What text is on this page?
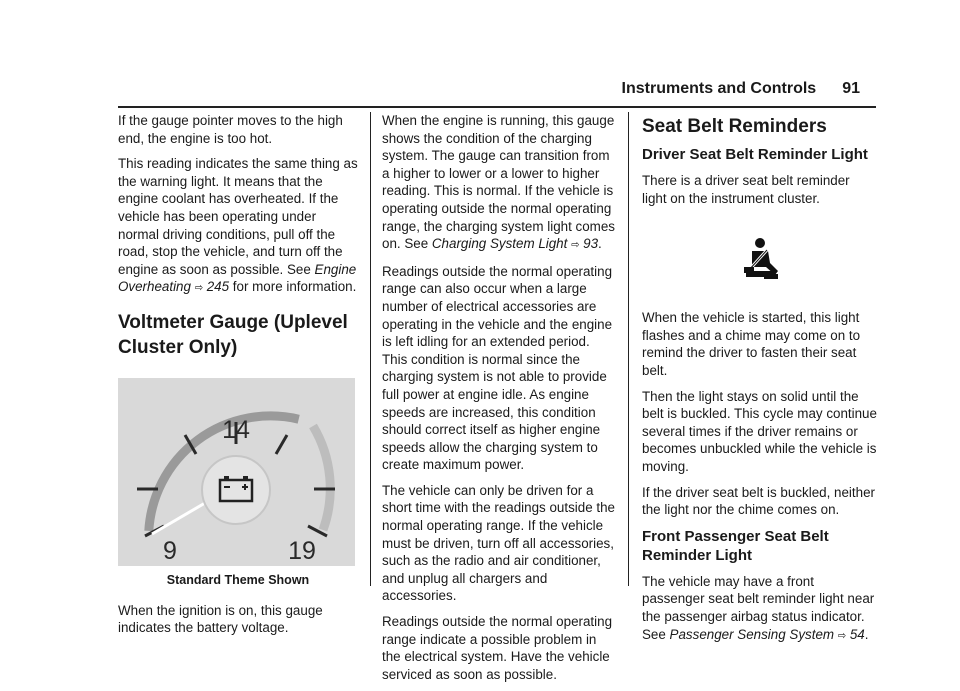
Instruments and Controls 91

If the gauge pointer moves to the high end, the engine is too hot.

This reading indicates the same thing as the warning light. It means that the engine coolant has overheated. If the vehicle has been operating under normal driving conditions, pull off the road, stop the vehicle, and turn off the engine as soon as possible. See Engine Overheating ⇨ 245 for more information.

Voltmeter Gauge (Uplevel Cluster Only)
14
9	19
Standard Theme Shown

When the ignition is on, this gauge indicates the battery voltage.

When the engine is running, this gauge shows the condition of the charging system. The gauge can transition from a higher to lower or a lower to higher reading. This is normal. If the vehicle is operating outside the normal operating range, the charging system light comes on. See Charging System Light ⇨ 93.

Readings outside the normal operating range can also occur when a large number of electrical accessories are operating in the vehicle and the engine is left idling for an extended period. This condition is normal since the charging system is not able to provide full power at engine idle. As engine speeds are increased, this condition should correct itself as higher engine speeds allow the charging system to create maximum power.

The vehicle can only be driven for a short time with the readings outside the normal operating range. If the vehicle must be driven, turn off all accessories, such as the radio and air conditioner, and unplug all chargers and accessories.

Readings outside the normal operating range indicate a possible problem in the electrical system. Have the vehicle serviced as soon as possible.

Seat Belt Reminders
Driver Seat Belt Reminder Light

There is a driver seat belt reminder light on the instrument cluster.

When the vehicle is started, this light flashes and a chime may come on to remind the driver to fasten their seat belt.

Then the light stays on solid until the belt is buckled. This cycle may continue several times if the driver remains or becomes unbuckled while the vehicle is moving.

If the driver seat belt is buckled, neither the light nor the chime comes on.

Front Passenger Seat Belt Reminder Light

The vehicle may have a front passenger seat belt reminder light near the passenger airbag status indicator. See Passenger Sensing System ⇨ 54.
